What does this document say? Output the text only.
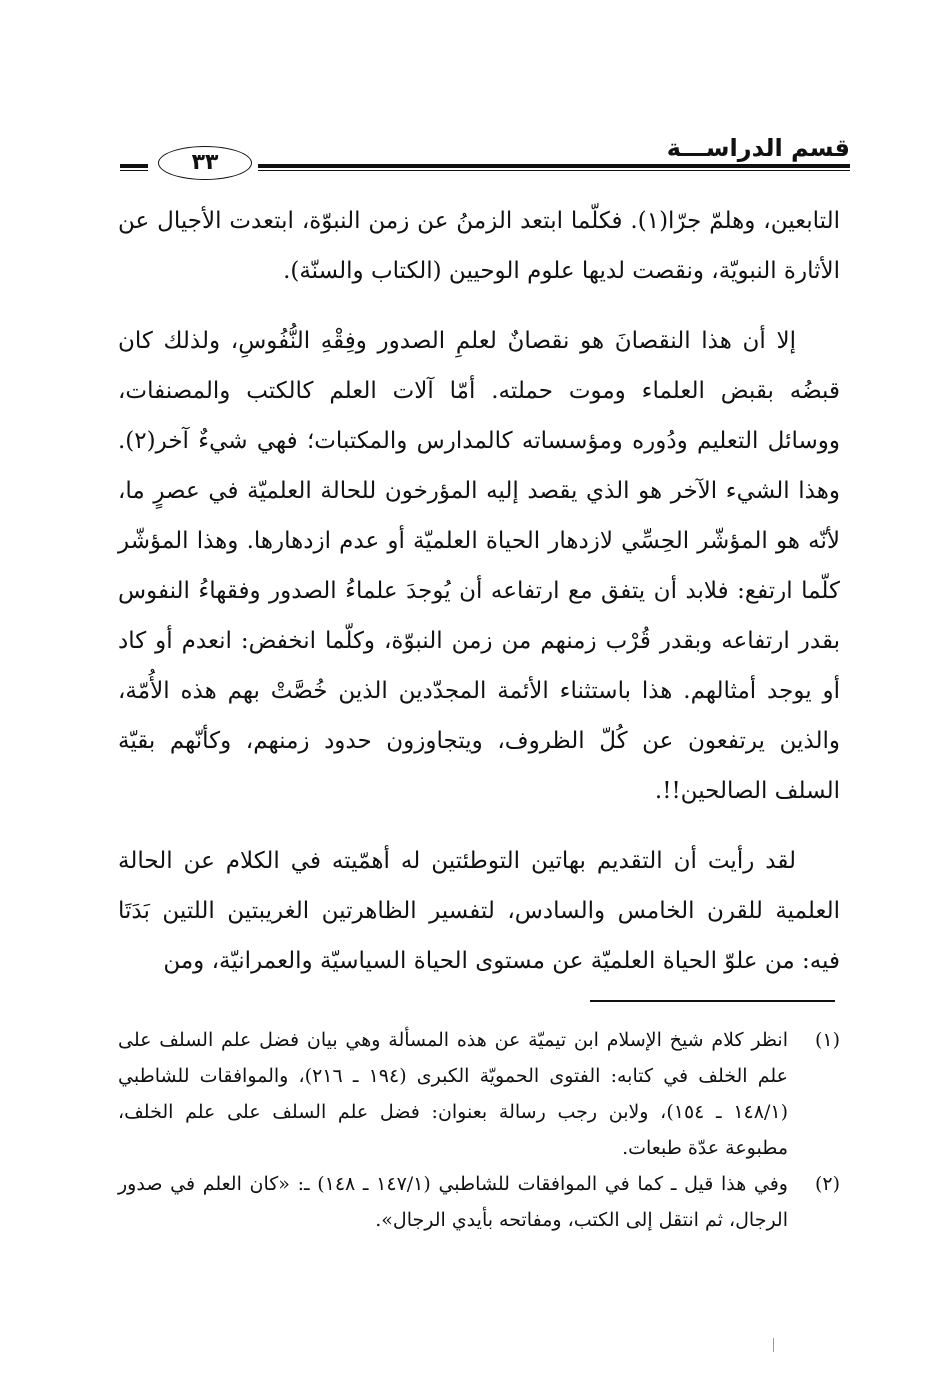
قسم الدراســـة
٣٣

التابعين، وهلمّ جرّا(١). فكلّما ابتعد الزمنُ عن زمن النبوّة، ابتعدت الأجيال عن الأثارة النبويّة، ونقصت لديها علوم الوحيين (الكتاب والسنّة).

إلا أن هذا النقصانَ هو نقصانٌ لعلمِ الصدور وفِقْهِ النُّفُوسِ، ولذلك كان قبضُه بقبض العلماء وموت حملته. أمّا آلات العلم كالكتب والمصنفات، ووسائل التعليم ودُوره ومؤسساته كالمدارس والمكتبات؛ فهي شيءٌ آخر(٢). وهذا الشيء الآخر هو الذي يقصد إليه المؤرخون للحالة العلميّة في عصرٍ ما، لأنّه هو المؤشّر الحِسِّي لازدهار الحياة العلميّة أو عدم ازدهارها. وهذا المؤشّر كلّما ارتفع: فلابد أن يتفق مع ارتفاعه أن يُوجدَ علماءُ الصدور وفقهاءُ النفوس بقدر ارتفاعه وبقدر قُرْب زمنهم من زمن النبوّة، وكلّما انخفض: انعدم أو كاد أو يوجد أمثالهم. هذا باستثناء الأئمة المجدّدين الذين خُصَّتْ بهم هذه الأُمّة، والذين يرتفعون عن كُلّ الظروف، ويتجاوزون حدود زمنهم، وكأنّهم بقيّة السلف الصالحين!!.

لقد رأيت أن التقديم بهاتين التوطئتين له أهمّيته في الكلام عن الحالة العلمية للقرن الخامس والسادس، لتفسير الظاهرتين الغريبتين اللتين بَدَتَا فيه: من علوّ الحياة العلميّة عن مستوى الحياة السياسيّة والعمرانيّة، ومن

(١)
انظر كلام شيخ الإسلام ابن تيميّة عن هذه المسألة وهي بيان فضل علم السلف على علم الخلف في كتابه: الفتوى الحمويّة الكبرى (١٩٤ ـ ٢١٦)، والموافقات للشاطبي (١٤٨/١ ـ ١٥٤)، ولابن رجب رسالة بعنوان: فضل علم السلف على علم الخلف، مطبوعة عدّة طبعات.
(٢)
وفي هذا قيل ـ كما في الموافقات للشاطبي (١٤٧/١ ـ ١٤٨) ـ: «كان العلم في صدور الرجال، ثم انتقل إلى الكتب، ومفاتحه بأيدي الرجال».
